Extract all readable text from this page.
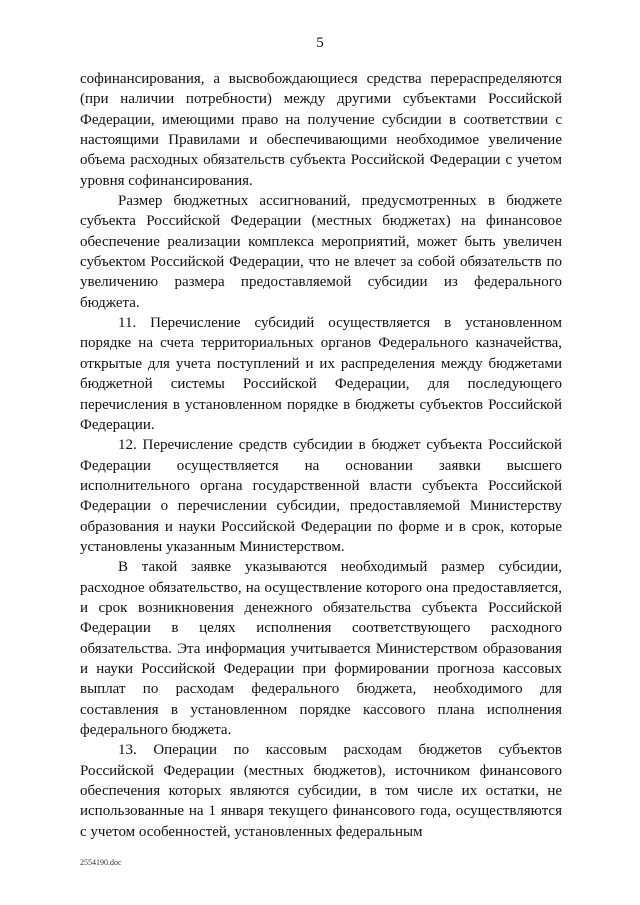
5

софинансирования, а высвобождающиеся средства перераспределяются (при наличии потребности) между другими субъектами Российской Федерации, имеющими право на получение субсидии в соответствии с настоящими Правилами и обеспечивающими необходимое увеличение объема расходных обязательств субъекта Российской Федерации с учетом уровня софинансирования.

Размер бюджетных ассигнований, предусмотренных в бюджете субъекта Российской Федерации (местных бюджетах) на финансовое обеспечение реализации комплекса мероприятий, может быть увеличен субъектом Российской Федерации, что не влечет за собой обязательств по увеличению размера предоставляемой субсидии из федерального бюджета.

11. Перечисление субсидий осуществляется в установленном порядке на счета территориальных органов Федерального казначейства, открытые для учета поступлений и их распределения между бюджетами бюджетной системы Российской Федерации, для последующего перечисления в установленном порядке в бюджеты субъектов Российской Федерации.

12. Перечисление средств субсидии в бюджет субъекта Российской Федерации осуществляется на основании заявки высшего исполнительного органа государственной власти субъекта Российской Федерации о перечислении субсидии, предоставляемой Министерству образования и науки Российской Федерации по форме и в срок, которые установлены указанным Министерством.

В такой заявке указываются необходимый размер субсидии, расходное обязательство, на осуществление которого она предоставляется, и срок возникновения денежного обязательства субъекта Российской Федерации в целях исполнения соответствующего расходного обязательства. Эта информация учитывается Министерством образования и науки Российской Федерации при формировании прогноза кассовых выплат по расходам федерального бюджета, необходимого для составления в установленном порядке кассового плана исполнения федерального бюджета.

13. Операции по кассовым расходам бюджетов субъектов Российской Федерации (местных бюджетов), источником финансового обеспечения которых являются субсидии, в том числе их остатки, не использованные на 1 января текущего финансового года, осуществляются с учетом особенностей, установленных федеральным

2554190.doc
